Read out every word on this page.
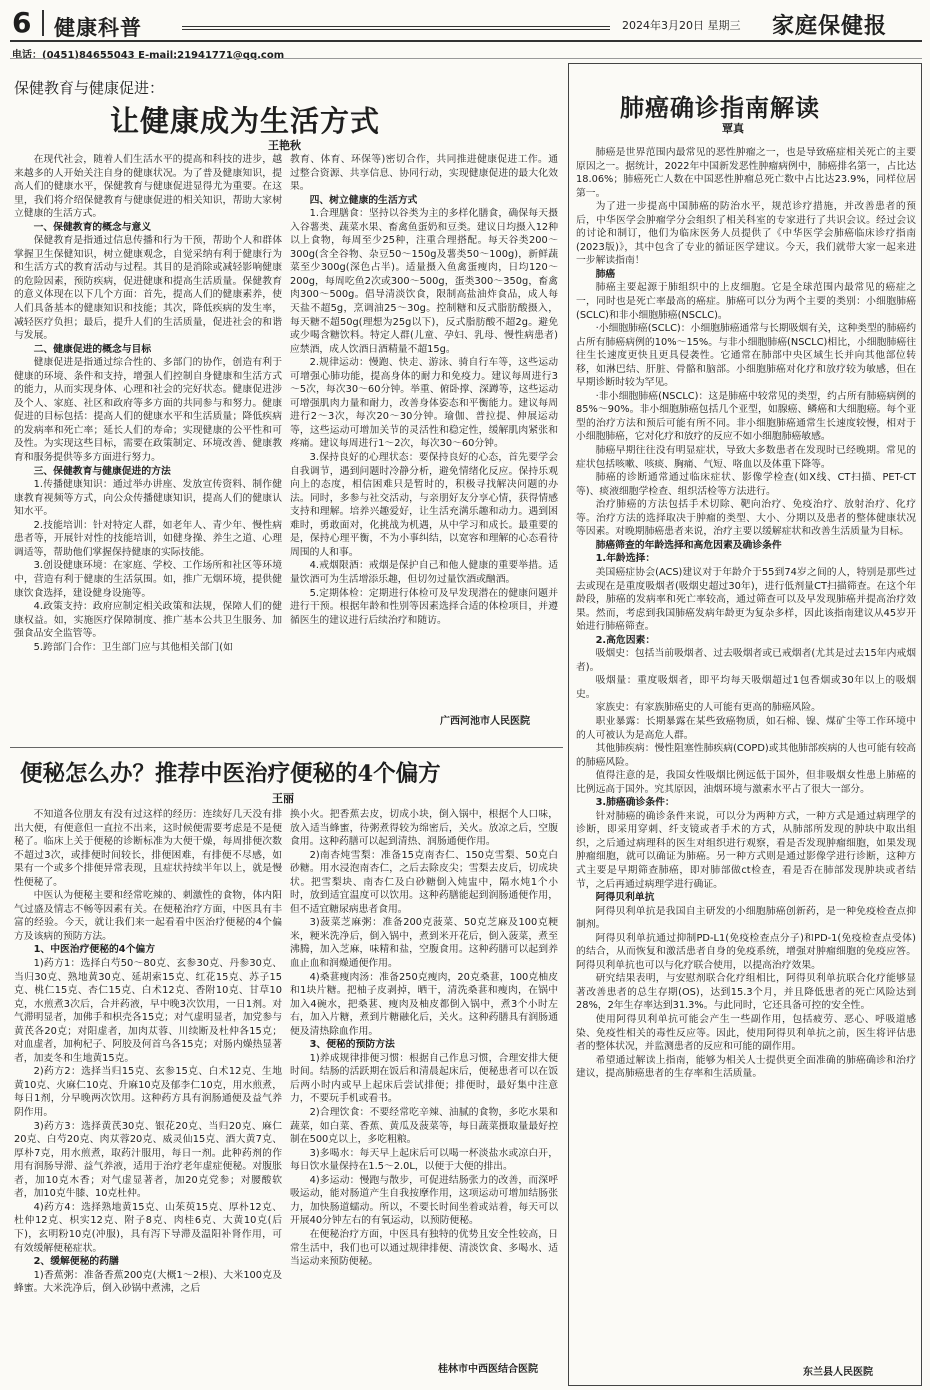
6 健康科普	2024年3月20日 星期三 家庭保健报
电话：(0451)84655043 E-mail:21941771@qq.com
保健教育与健康促进：
让健康成为生活方式
王艳秋

在现代社会，随着人们生活水平的提高和科技的进步，越来越多的人开始关注自身的健康状况。为了普及健康知识，提高人们的健康水平，保健教育与健康促进显得尤为重要。在这里，我们将介绍保健教育与健康促进的相关知识，帮助大家树立健康的生活方式。

一、保健教育的概念与意义

保健教育是指通过信息传播和行为干预，帮助个人和群体掌握卫生保健知识，树立健康观念，自觉采纳有利于健康行为和生活方式的教育活动与过程。其目的是消除或减轻影响健康的危险因素，预防疾病，促进健康和提高生活质量。保健教育的意义体现在以下几个方面：首先，提高人们的健康素养，使人们具备基本的健康知识和技能；其次，降低疾病的发生率，减轻医疗负担；最后，提升人们的生活质量，促进社会的和谐与发展。

二、健康促进的概念与目标

健康促进是指通过综合性的、多部门的协作，创造有利于健康的环境、条件和支持，增强人们控制自身健康和生活方式的能力，从而实现身体、心理和社会的完好状态。健康促进涉及个人、家庭、社区和政府等多方面的共同参与和努力。健康促进的目标包括：提高人们的健康水平和生活质量；降低疾病的发病率和死亡率；延长人们的寿命；实现健康的公平性和可及性。为实现这些目标，需要在政策制定、环境改善、健康教育和服务提供等多方面进行努力。

三、保健教育与健康促进的方法

1.传播健康知识：通过举办讲座、发放宣传资料、制作健康教育视频等方式，向公众传播健康知识，提高人们的健康认知水平。

2.技能培训：针对特定人群，如老年人、青少年、慢性病患者等，开展针对性的技能培训，如健身操、养生之道、心理调适等，帮助他们掌握保持健康的实际技能。

3.创设健康环境：在家庭、学校、工作场所和社区等环境中，营造有利于健康的生活氛围。如，推广无烟环境，提供健康饮食选择，建设健身设施等。

4.政策支持：政府应制定相关政策和法规，保障人们的健康权益。如，实施医疗保障制度、推广基本公共卫生服务、加强食品安全监管等。

5.跨部门合作：卫生部门应与其他相关部门(如

教育、体育、环保等)密切合作，共同推进健康促进工作。通过整合资源、共享信息、协同行动，实现健康促进的最大化效果。

四、树立健康的生活方式

1.合理膳食：坚持以谷类为主的多样化膳食，确保每天摄入谷薯类、蔬菜水果、畜禽鱼蛋奶和豆类。建议日均摄入12种以上食物，每周至少25种，注重合理搭配。每天谷类200～300g(含全谷物、杂豆50～150g及薯类50～100g)，新鲜蔬菜至少300g(深色占半)。适量摄入鱼禽蛋瘦肉，日均120～200g，每周吃鱼2次或300～500g，蛋类300～350g，畜禽肉300～500g。倡导清淡饮食，限制高盐油炸食品，成人每天盐不超5g，烹调油25～30g。控制糖和反式脂肪酸摄入，每天糖不超50g(理想为25g以下)，反式脂肪酸不超2g。避免或少喝含糖饮料。特定人群(儿童、孕妇、乳母、慢性病患者)应禁酒，成人饮酒日酒精量不超15g。

2.规律运动：慢跑、快走、游泳、骑自行车等，这些运动可增强心肺功能，提高身体的耐力和免疫力。建议每周进行3～5次，每次30～60分钟。举重、俯卧撑、深蹲等，这些运动可增强肌肉力量和耐力，改善身体姿态和平衡能力。建议每周进行2～3次，每次20～30分钟。瑜伽、普拉提、伸展运动等，这些运动可增加关节的灵活性和稳定性，缓解肌肉紧张和疼痛。建议每周进行1～2次，每次30～60分钟。

3.保持良好的心理状态：要保持良好的心态，首先要学会自我调节，遇到问题时冷静分析，避免情绪化反应。保持乐观向上的态度，相信困难只是暂时的，积极寻找解决问题的办法。同时，多参与社交活动，与亲朋好友分享心情，获得情感支持和理解。培养兴趣爱好，让生活充满乐趣和动力。遇到困难时，勇敢面对，化挑战为机遇，从中学习和成长。最重要的是，保持心理平衡，不为小事纠结，以宽容和理解的心态看待周围的人和事。

4.戒烟限酒：戒烟是保护自己和他人健康的重要举措。适量饮酒可为生活增添乐趣，但切勿过量饮酒或酗酒。

5.定期体检：定期进行体检可及早发现潜在的健康问题并进行干预。根据年龄和性别等因素选择合适的体检项目，并遵循医生的建议进行后续治疗和随访。

广西河池市人民医院
便秘怎么办？推荐中医治疗便秘的4个偏方
王丽

不知道各位朋友有没有过这样的经历：连续好几天没有排出大便，有便意但一直拉不出来，这时候便需要考虑是不是便秘了。临床上关于便秘的诊断标准为大便干燥，每周排便次数不超过3次，或排便时间较长，排便困难，有排便不尽感，如果有一个或多个排便异常表现，且症状持续半年以上，就是慢性便秘了。

中医认为便秘主要和经常吃辣的、刺激性的食物，体内阳气过盛及情志不畅等因素有关。在便秘治疗方面，中医具有丰富的经验。今天，就让我们来一起看看中医治疗便秘的4个偏方及该病的预防方法。

1、中医治疗便秘的4个偏方

1)药方1：选择白芍50～80克、玄参30克、丹参30克、当归30克、熟地黄30克、延胡索15克、红花15克、苏子15克、桃仁15克、杏仁15克、白术12克、香附10克、甘草10克，水煎煮3次后，合并药液，早中晚3次饮用，一日1剂。对气滞明显者，加佛手和枳壳各15克；对气虚明显者，加党参与黄芪各20克；对阳虚者，加肉苁蓉、川续断及杜仲各15克；对血虚者，加枸杞子、阿胶及何首乌各15克；对肠内燥热显著者，加麦冬和生地黄15克。

2)药方2：选择当归15克、玄参15克、白术12克、生地黄10克、火麻仁10克、升麻10克及郁李仁10克，用水煎煮，每日1剂，分早晚两次饮用。这种药方具有润肠通便及益气养阴作用。

3)药方3：选择黄芪30克、银花20克、当归20克、麻仁20克、白芍20克、肉苁蓉20克、威灵仙15克、酒大黄7克、厚朴7克，用水煎煮，取药汁服用，每日一剂。此种药剂的作用有润肠导滞、益气养液，适用于治疗老年虚症便秘。对腹胀者，加10克木香；对气虚显著者，加20克党参；对腰酸软者，加10克牛膝、10克杜仲。

4)药方4：选择熟地黄15克、山茱萸15克、厚朴12克、杜仲12克、枳实12克、附子8克、肉桂6克、大黄10克(后下)，玄明粉10克(冲服)，具有泻下导滞及温阳补肾作用，可有效缓解便秘症状。

2、缓解便秘的药膳

1)香蕉粥：准备香蕉200克(大概1～2根)、大米100克及蜂蜜。大米洗净后，倒入砂锅中煮沸，之后

换小火。把香蕉去皮，切成小块，倒入锅中，根据个人口味，放入适当蜂蜜，待粥煮得较为绵密后，关火。放凉之后，空腹食用。这种药膳可以起到清热、润肠通便作用。

2)南杏炖雪梨：准备15克南杏仁、150克雪梨、50克白砂糖。用水浸泡南杏仁，之后去除皮尖；雪梨去皮后，切成块状。把雪梨块、南杏仁及白砂糖倒入炖盅中，隔水炖1个小时，放到适宜温度可以饮用。这种药膳能起到润肠通便作用，但不适宜糖尿病患者食用。

3)菠菜芝麻粥：准备200克菠菜、50克芝麻及100克粳米，粳米洗净后，倒入锅中，煮到米开花后，倒入菠菜，煮至沸腾，加入芝麻，味精和盐，空腹食用。这种药膳可以起到养血止血和润燥通便作用。

4)桑葚瘦肉汤：准备250克瘦肉，20克桑葚，100克柚皮和1块片糖。把柚子皮剥掉，晒干，清洗桑葚和瘦肉，在锅中加入4碗水，把桑葚、瘦肉及柚皮都倒入锅中，煮3个小时左右，加入片糖，煮到片糖融化后，关火。这种药膳具有润肠通便及清热除血作用。

3、便秘的预防方法

1)养成规律排便习惯：根据自己作息习惯，合理安排大便时间。结肠的活跃期在饭后和清晨起床后，便秘患者可以在饭后两小时内或早上起床后尝试排便；排便时，最好集中注意力，不要玩手机或看书。

2)合理饮食：不要经常吃辛辣、油腻的食物，多吃水果和蔬菜，如白菜、香蕉、黄瓜及菠菜等，每日蔬菜摄取量最好控制在500克以上，多吃粗粮。

3)多喝水：每天早上起床后可以喝一杯淡盐水或凉白开，每日饮水量保持在1.5～2.0L，以便于大便的排出。

4)多运动：慢跑与散步，可促进结肠张力的改善，而深呼吸运动，能对肠道产生自我按摩作用，这项运动可增加结肠张力，加快肠道蠕动。所以，不要长时间坐着或站着，每天可以开展40分钟左右的有氧运动，以预防便秘。

在便秘治疗方面，中医具有独特的优势且安全性较高，日常生活中，我们也可以通过规律排便、清淡饮食、多喝水、适当运动来预防便秘。

桂林市中西医结合医院
肺癌确诊指南解读
覃真

肺癌是世界范围内最常见的恶性肿瘤之一，也是导致癌症相关死亡的主要原因之一。据统计，2022年中国新发恶性肿瘤病例中，肺癌排名第一，占比达18.06%；肺癌死亡人数在中国恶性肿瘤总死亡数中占比达23.9%，同样位居第一。

为了进一步提高中国肺癌的防治水平，规范诊疗措施，并改善患者的预后，中华医学会肿瘤学分会组织了相关科室的专家进行了共识会议。经过会议的讨论和制订，他们为临床医务人员提供了《中华医学会肺癌临床诊疗指南(2023版)》，其中包含了专业的循证医学建议。今天，我们就带大家一起来进一步解读指南！

肺癌

肺癌主要起源于肺组织中的上皮细胞。它是全球范围内最常见的癌症之一，同时也是死亡率最高的癌症。肺癌可以分为两个主要的类别：小细胞肺癌(SCLC)和非小细胞肺癌(NSCLC)。

·小细胞肺癌(SCLC)：小细胞肺癌通常与长期吸烟有关，这种类型的肺癌约占所有肺癌病例的10%～15%。与非小细胞肺癌(NSCLC)相比，小细胞肺癌往往生长速度更快且更具侵袭性。它通常在肺部中央区域生长并向其他部位转移，如淋巴结、肝脏、骨骼和脑部。小细胞肺癌对化疗和放疗较为敏感，但在早期诊断时较为罕见。

·非小细胞肺癌(NSCLC)：这是肺癌中较常见的类型，约占所有肺癌病例的85%～90%。非小细胞肺癌包括几个亚型，如腺癌、鳞癌和大细胞癌。每个亚型的治疗方法和预后可能有所不同。非小细胞肺癌通常生长速度较慢，相对于小细胞肺癌，它对化疗和放疗的反应不如小细胞肺癌敏感。

肺癌早期往往没有明显症状，导致大多数患者在发现时已经晚期。常见的症状包括咳嗽、咳痰、胸痛、气短、咯血以及体重下降等。

肺癌的诊断通常通过临床症状、影像学检查(如X线、CT扫描、PET-CT等)、痰液细胞学检查、组织活检等方法进行。

治疗肺癌的方法包括手术切除、靶向治疗、免疫治疗、放射治疗、化疗等。治疗方法的选择取决于肿瘤的类型、大小、分期以及患者的整体健康状况等因素。对晚期肺癌患者来说，治疗主要以缓解症状和改善生活质量为目标。

肺癌筛查的年龄选择和高危因素及确诊条件
1.年龄选择：

美国癌症协会(ACS)建议对于年龄介于55到74岁之间的人，特别是那些过去或现在是重度吸烟者(吸烟史超过30年)，进行低剂量CT扫描筛查。在这个年龄段，肺癌的发病率和死亡率较高，通过筛查可以及早发现肺癌并提高治疗效果。然而，考虑到我国肺癌发病年龄更为复杂多样，因此该指南建议从45岁开始进行肺癌筛查。

2.高危因素：

吸烟史：包括当前吸烟者、过去吸烟者或已戒烟者(尤其是过去15年内戒烟者)。

吸烟量：重度吸烟者，即平均每天吸烟超过1包香烟或30年以上的吸烟史。

家族史：有家族肺癌史的人可能有更高的肺癌风险。

职业暴露：长期暴露在某些致癌物质，如石棉、镍、煤矿尘等工作环境中的人可被认为是高危人群。

其他肺疾病：慢性阻塞性肺疾病(COPD)或其他肺部疾病的人也可能有较高的肺癌风险。

值得注意的是，我国女性吸烟比例远低于国外，但非吸烟女性患上肺癌的比例远高于国外。究其原因，油烟环境与激素水平占了很大一部分。

3.肺癌确诊条件：

针对肺癌的确诊条件来说，可以分为两种方式，一种方式是通过病理学的诊断，即采用穿刺、纤支镜或者手术的方式，从肺部所发现的肿块中取出组织，之后通过病理科的医生对组织进行观察，看是否发现肿瘤细胞，如果发现肿瘤细胞，就可以确证为肺癌。另一种方式则是通过影像学进行诊断，这种方式主要是早期筛查肺癌，即对肺部做ct检查，看是否在肺部发现肿块或者结节，之后再通过病理学进行确证。

阿得贝利单抗

阿得贝利单抗是我国自主研发的小细胞肺癌创新药，是一种免疫检查点抑制剂。

阿得贝利单抗通过抑制PD-L1(免疫检查点分子)和PD-1(免疫检查点受体)的结合，从而恢复和激活患者自身的免疫系统，增强对肿瘤细胞的免疫应答。阿得贝利单抗也可以与化疗联合使用，以提高治疗效果。

研究结果表明，与安慰剂联合化疗组相比，阿得贝利单抗联合化疗能够显著改善患者的总生存期(OS)，达到15.3个月，并且降低患者的死亡风险达到28%，2年生存率达到31.3%。与此同时，它还具备可控的安全性。

使用阿得贝利单抗可能会产生一些副作用，包括疲劳、恶心、呼吸道感染、免疫性相关的毒性反应等。因此，使用阿得贝利单抗之前，医生将评估患者的整体状况，并监测患者的反应和可能的副作用。

希望通过解读上指南，能够为相关人士提供更全面准确的肺癌确诊和治疗建议，提高肺癌患者的生存率和生活质量。

东兰县人民医院
